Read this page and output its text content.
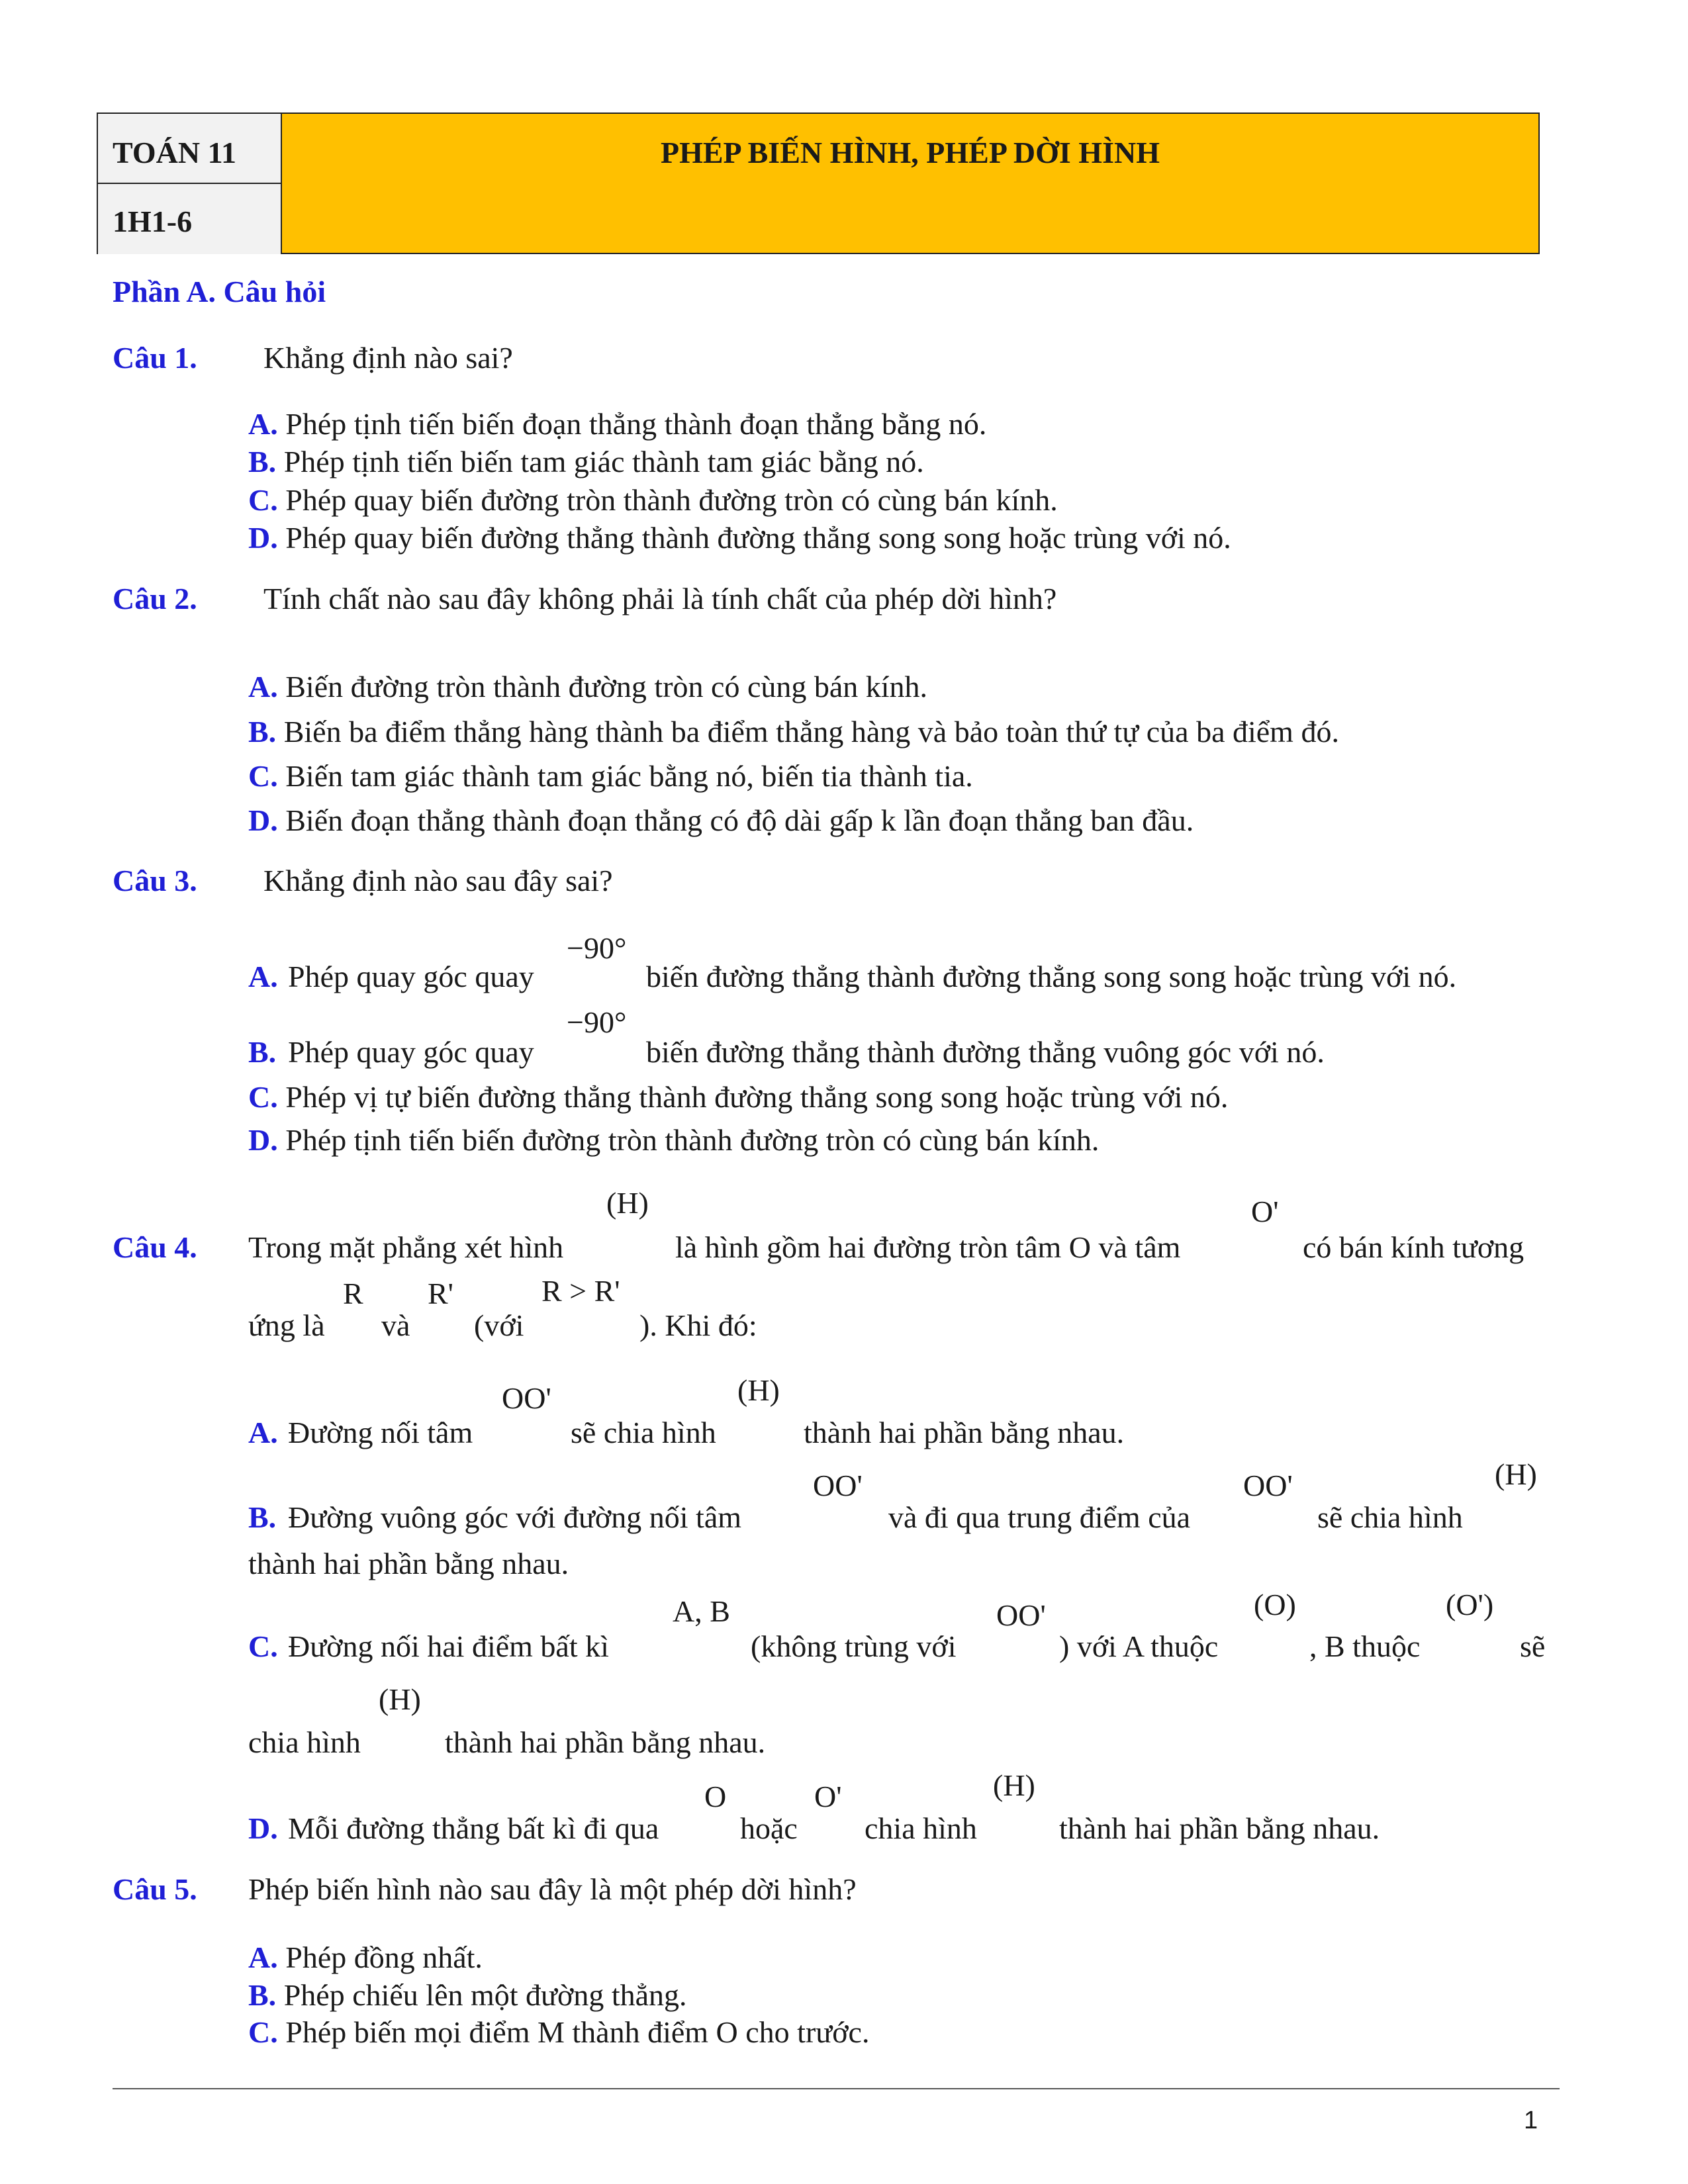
TOÁN 11
1H1-6
PHÉP BIẾN HÌNH, PHÉP DỜI HÌNH
Phần A. Câu hỏi
Câu 1. Khẳng định nào sai?
A. Phép tịnh tiến biến đoạn thẳng thành đoạn thẳng bằng nó.
B. Phép tịnh tiến biến tam giác thành tam giác bằng nó.
C. Phép quay biến đường tròn thành đường tròn có cùng bán kính.
D. Phép quay biến đường thẳng thành đường thẳng song song hoặc trùng với nó.
Câu 2. Tính chất nào sau đây không phải là tính chất của phép dời hình?
A. Biến đường tròn thành đường tròn có cùng bán kính.
B. Biến ba điểm thẳng hàng thành ba điểm thẳng hàng và bảo toàn thứ tự của ba điểm đó.
C. Biến tam giác thành tam giác bằng nó, biến tia thành tia.
D. Biến đoạn thẳng thành đoạn thẳng có độ dài gấp k lần đoạn thẳng ban đầu.
Câu 3. Khẳng định nào sau đây sai?
A. Phép quay góc quay
−90°
biến đường thẳng thành đường thẳng song song hoặc trùng với nó.
B. Phép quay góc quay
−90°
biến đường thẳng thành đường thẳng vuông góc với nó.
C. Phép vị tự biến đường thẳng thành đường thẳng song song hoặc trùng với nó.
D. Phép tịnh tiến biến đường tròn thành đường tròn có cùng bán kính.
Câu 4. Trong mặt phẳng xét hình
(H)
là hình gồm hai đường tròn tâm O và tâm
O'
có bán kính tương
ứng là
R
và
R'
(với
R > R'
). Khi đó:
A. Đường nối tâm
OO'
sẽ chia hình
(H)
thành hai phần bằng nhau.
B. Đường vuông góc với đường nối tâm
OO'
và đi qua trung điểm của
OO'
sẽ chia hình
(H)
thành hai phần bằng nhau.
C. Đường nối hai điểm bất kì
A, B
(không trùng với
OO'
) với A thuộc
(O)
, B thuộc
(O')
sẽ
chia hình
(H)
thành hai phần bằng nhau.
D. Mỗi đường thẳng bất kì đi qua
O
hoặc
O'
chia hình
(H)
thành hai phần bằng nhau.
Câu 5. Phép biến hình nào sau đây là một phép dời hình?
A. Phép đồng nhất.
B. Phép chiếu lên một đường thẳng.
C. Phép biến mọi điểm M thành điểm O cho trước.
1
